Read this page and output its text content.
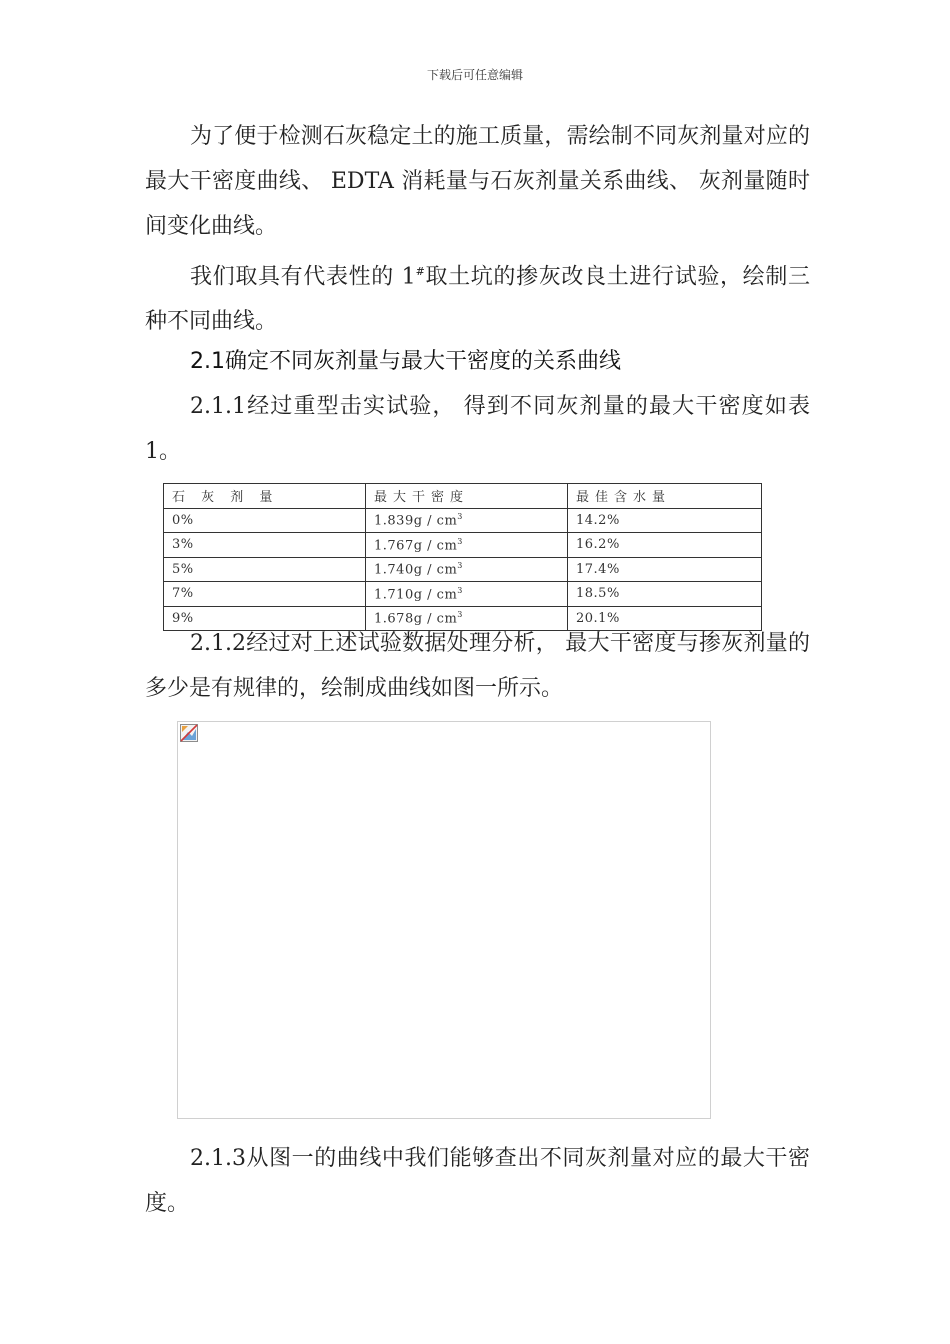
下载后可任意编辑

为了便于检测石灰稳定土的施工质量，需绘制不同灰剂量对应的最大干密度曲线、 EDTA 消耗量与石灰剂量关系曲线、 灰剂量随时间变化曲线。

我们取具有代表性的 1#取土坑的掺灰改良土进行试验，绘制三种不同曲线。

2.1确定不同灰剂量与最大干密度的关系曲线

2.1.1经过重型击实试验， 得到不同灰剂量的最大干密度如表 1。

石 灰 剂 量	最大干密度	最佳含水量
0%	$1.839g / cm^3$	14.2%
3%	$1.767g / cm^3$	16.2%
5%	$1.740g / cm^3$	17.4%
7%	$1.710g / cm^3$	18.5%
9%	$1.678g / cm^3$	20.1%

2.1.2经过对上述试验数据处理分析， 最大干密度与掺灰剂量的多少是有规律的，绘制成曲线如图一所示。

2.1.3从图一的曲线中我们能够查出不同灰剂量对应的最大干密度。
